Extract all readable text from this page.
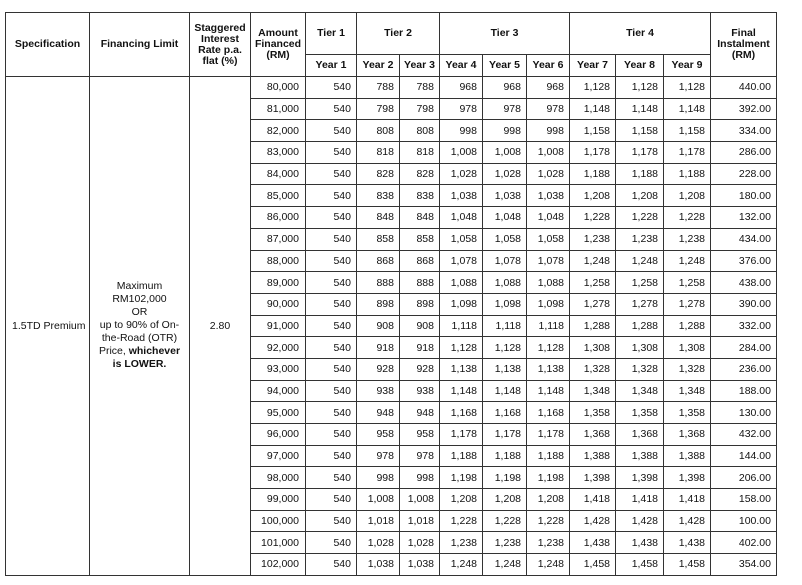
Specification	Financing Limit	Staggered Interest Rate p.a. flat (%)	Amount Financed (RM)	Tier 1	Tier 2		Tier 3			Tier 4			Final Instalment (RM)
				Year 1	Year 2	Year 3	Year 4	Year 5	Year 6	Year 7	Year 8	Year 9	
1.5TD Premium	Maximum RM102,000
OR
up to 90% of On-the-Road (OTR) Price, whichever is LOWER.	2.80	80,000	540	788	788	968	968	968	1,128	1,128	1,128	440.00
			81,000	540	798	798	978	978	978	1,148	1,148	1,148	392.00
			82,000	540	808	808	998	998	998	1,158	1,158	1,158	334.00
			83,000	540	818	818	1,008	1,008	1,008	1,178	1,178	1,178	286.00
			84,000	540	828	828	1,028	1,028	1,028	1,188	1,188	1,188	228.00
			85,000	540	838	838	1,038	1,038	1,038	1,208	1,208	1,208	180.00
			86,000	540	848	848	1,048	1,048	1,048	1,228	1,228	1,228	132.00
			87,000	540	858	858	1,058	1,058	1,058	1,238	1,238	1,238	434.00
			88,000	540	868	868	1,078	1,078	1,078	1,248	1,248	1,248	376.00
			89,000	540	888	888	1,088	1,088	1,088	1,258	1,258	1,258	438.00
			90,000	540	898	898	1,098	1,098	1,098	1,278	1,278	1,278	390.00
			91,000	540	908	908	1,118	1,118	1,118	1,288	1,288	1,288	332.00
			92,000	540	918	918	1,128	1,128	1,128	1,308	1,308	1,308	284.00
			93,000	540	928	928	1,138	1,138	1,138	1,328	1,328	1,328	236.00
			94,000	540	938	938	1,148	1,148	1,148	1,348	1,348	1,348	188.00
			95,000	540	948	948	1,168	1,168	1,168	1,358	1,358	1,358	130.00
			96,000	540	958	958	1,178	1,178	1,178	1,368	1,368	1,368	432.00
			97,000	540	978	978	1,188	1,188	1,188	1,388	1,388	1,388	144.00
			98,000	540	998	998	1,198	1,198	1,198	1,398	1,398	1,398	206.00
			99,000	540	1,008	1,008	1,208	1,208	1,208	1,418	1,418	1,418	158.00
			100,000	540	1,018	1,018	1,228	1,228	1,228	1,428	1,428	1,428	100.00
			101,000	540	1,028	1,028	1,238	1,238	1,238	1,438	1,438	1,438	402.00
			102,000	540	1,038	1,038	1,248	1,248	1,248	1,458	1,458	1,458	354.00
